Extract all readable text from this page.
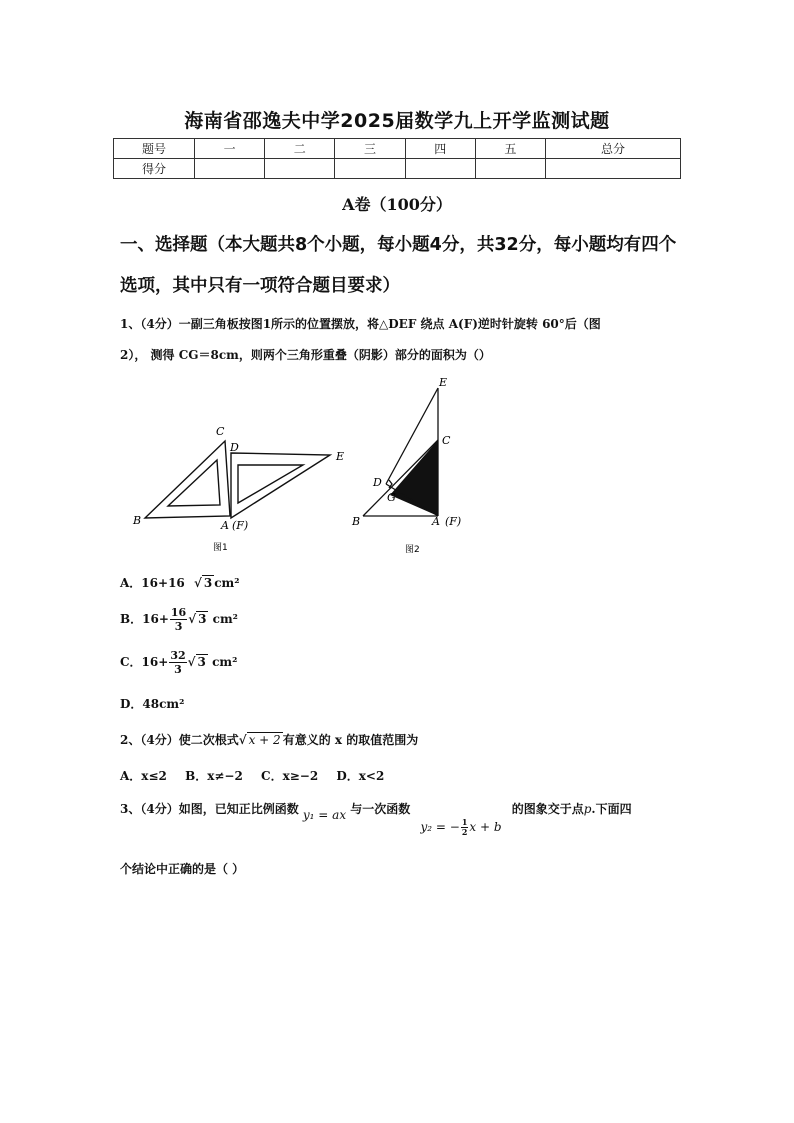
海南省邵逸夫中学2025届数学九上开学监测试题
题号	一	二	三	四	五	总分
得分						
A卷（100分）
一、选择题（本大题共8个小题，每小题4分，共32分，每小题均有四个选项，其中只有一项符合题目要求）
1、（4分）一副三角板按图1所示的位置摆放，将△DEF 绕点 A(F)逆时针旋转 60°后（图
2）， 测得 CG＝8cm，则两个三角形重叠（阴影）部分的面积为（）
C
D
E
B	A (F)
图1
E
C
D
G
B	A (F)
图2
A．16+16 √ 3 cm²
B．$16+ \frac{16}{3}$ √ 3 cm²
C．$16+ \frac{32}{3}$ √ 3 cm²
D．48cm²
2、（4分）使二次根式√ x + 2 有意义的 x 的取值范围为
A．x≤2 B．x≠−2 C．x≥−2 D．x<2
3、（4分）如图，已知正比例函数 y₁ = ax 与一次函数 y₂ = − $\frac{1}{2}$ x + b 的图象交于点p.下面四
个结论中正确的是（ ）
